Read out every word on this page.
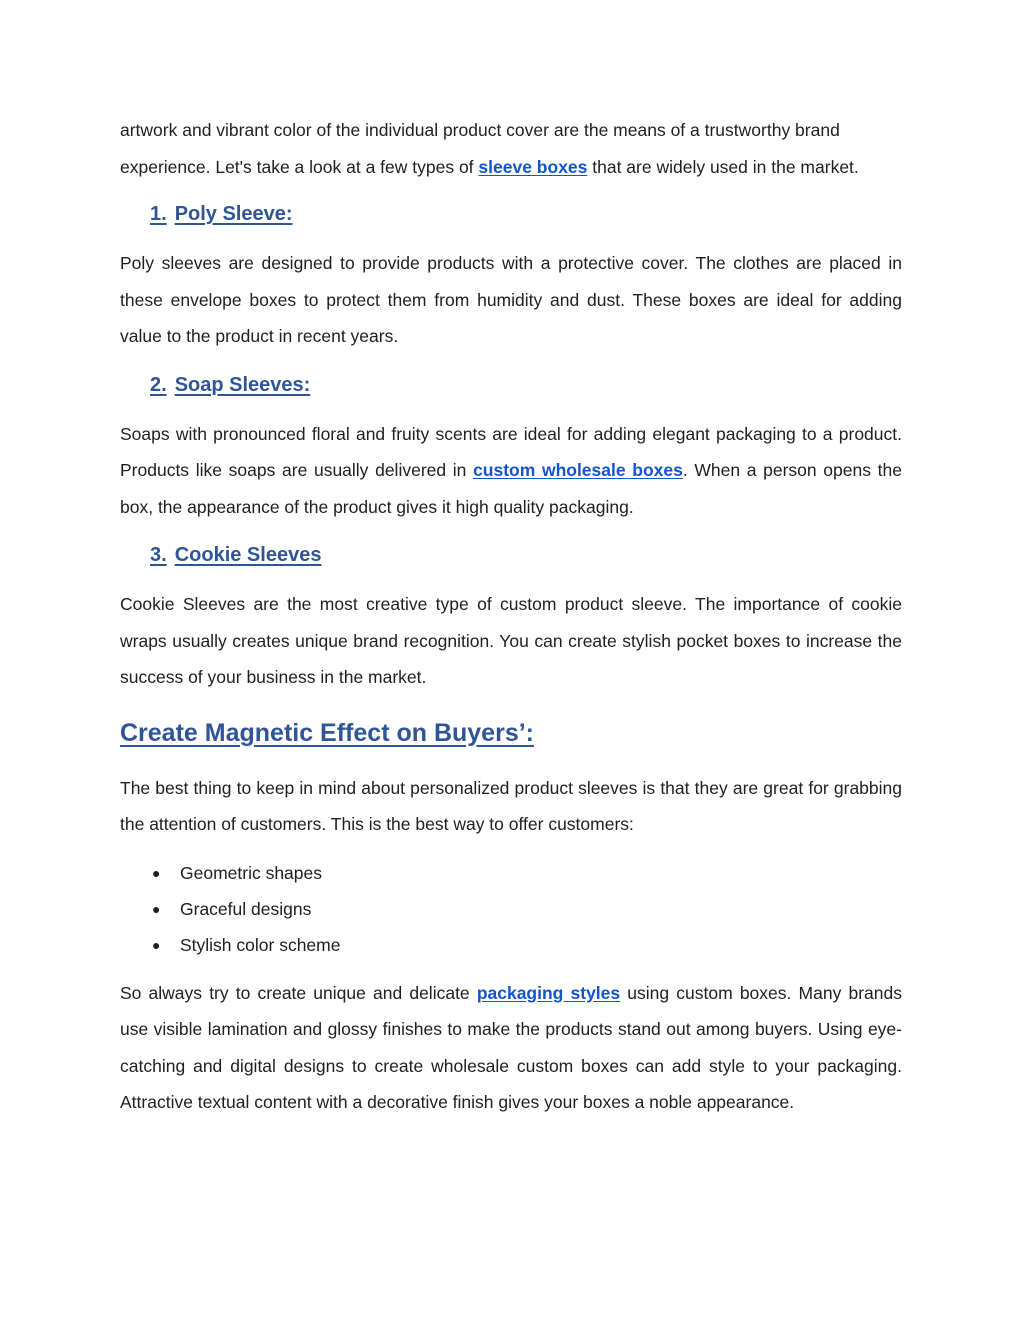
artwork and vibrant color of the individual product cover are the means of a trustworthy brand experience. Let's take a look at a few types of sleeve boxes that are widely used in the market.

1. Poly Sleeve:

Poly sleeves are designed to provide products with a protective cover. The clothes are placed in these envelope boxes to protect them from humidity and dust. These boxes are ideal for adding value to the product in recent years.

2. Soap Sleeves:

Soaps with pronounced floral and fruity scents are ideal for adding elegant packaging to a product. Products like soaps are usually delivered in custom wholesale boxes. When a person opens the box, the appearance of the product gives it high quality packaging.

3. Cookie Sleeves

Cookie Sleeves are the most creative type of custom product sleeve. The importance of cookie wraps usually creates unique brand recognition. You can create stylish pocket boxes to increase the success of your business in the market.

Create Magnetic Effect on Buyers’:

The best thing to keep in mind about personalized product sleeves is that they are great for grabbing the attention of customers. This is the best way to offer customers:

● Geometric shapes
● Graceful designs
● Stylish color scheme

So always try to create unique and delicate packaging styles using custom boxes. Many brands use visible lamination and glossy finishes to make the products stand out among buyers. Using eye-catching and digital designs to create wholesale custom boxes can add style to your packaging. Attractive textual content with a decorative finish gives your boxes a noble appearance.
